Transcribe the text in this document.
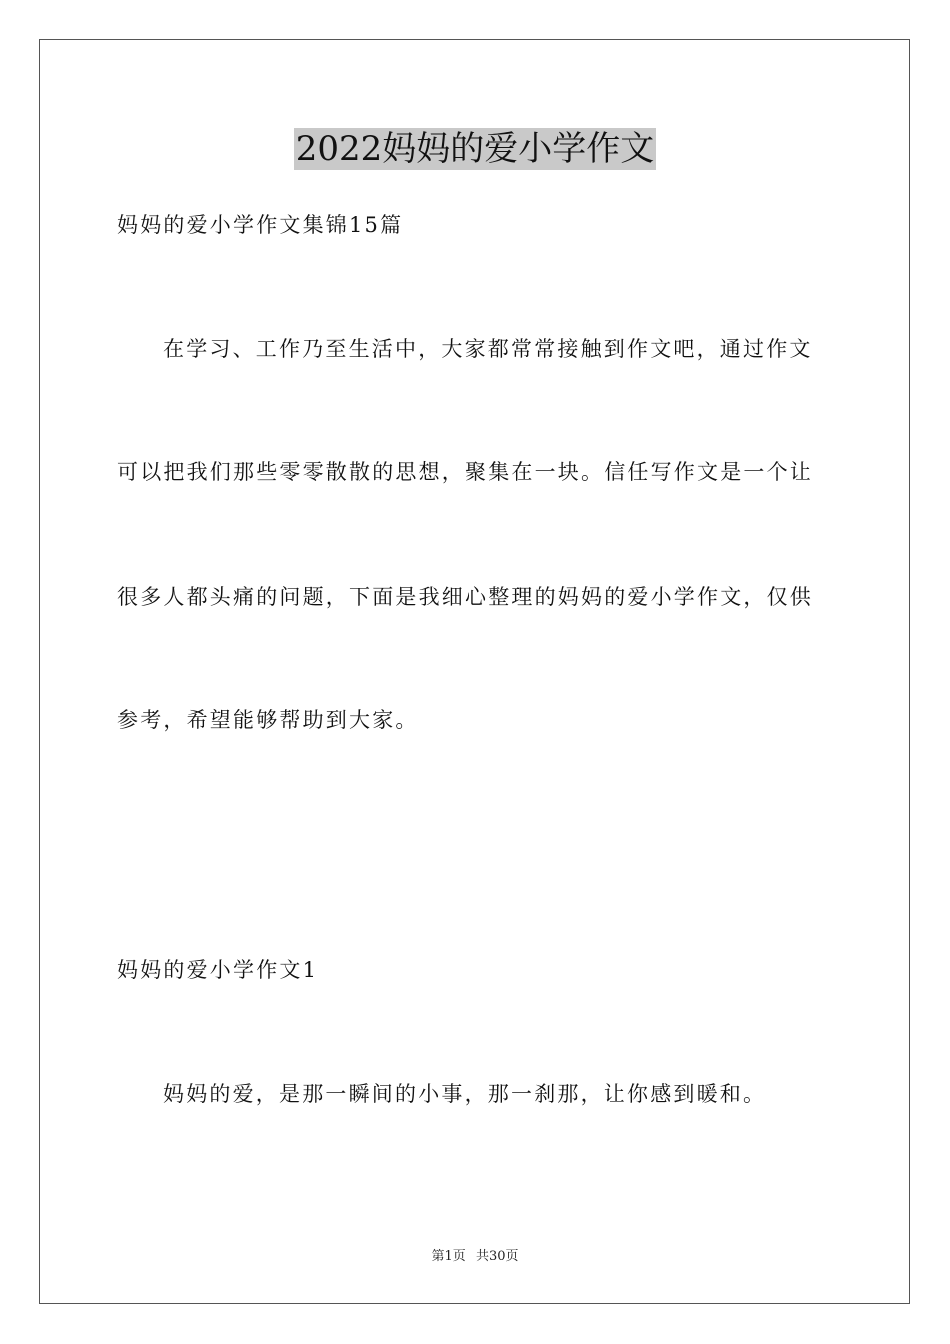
2022妈妈的爱小学作文
妈妈的爱小学作文集锦15篇
在学习、工作乃至生活中，大家都常常接触到作文吧，通过作文
可以把我们那些零零散散的思想，聚集在一块。信任写作文是一个让
很多人都头痛的问题，下面是我细心整理的妈妈的爱小学作文，仅供
参考，希望能够帮助到大家。
妈妈的爱小学作文1
妈妈的爱，是那一瞬间的小事，那一刹那，让你感到暖和。
第1页 共30页
